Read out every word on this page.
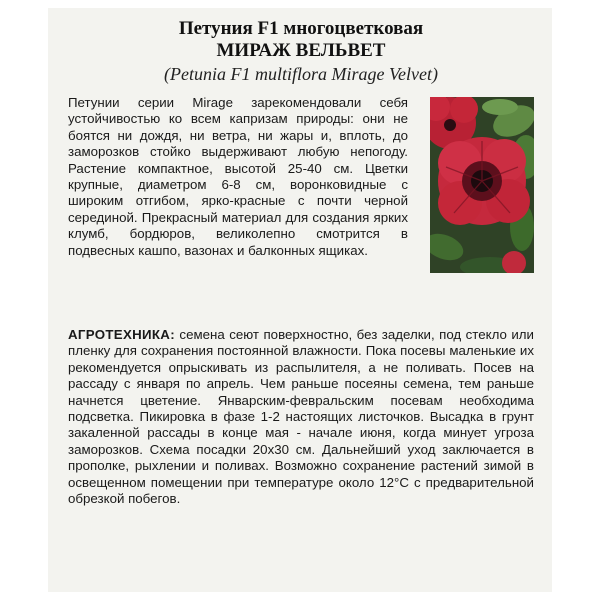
Петуния F1 многоцветковая

МИРАЖ ВЕЛЬВЕТ

(Petunia F1 multiflora Mirage Velvet)

Петунии серии Mirage зарекомендовали себя устойчивостью ко всем капризам природы: они не боятся ни дождя, ни ветра, ни жары и, вплоть, до заморозков стойко выдерживают любую непогоду. Растение компактное, высотой 25-40 см. Цветки крупные, диаметром 6-8 см, воронковидные с широким отгибом, ярко-красные с почти черной серединой. Прекрасный материал для создания ярких клумб, бордюров, великолепно смотрится в подвесных кашпо, вазонах и балконных ящиках.

АГРОТЕХНИКА: семена сеют поверхностно, без заделки, под стекло или пленку для сохранения постоянной влажности. Пока посевы маленькие их рекомендуется опрыскивать из распылителя, а не поливать. Посев на рассаду с января по апрель. Чем раньше посеяны семена, тем раньше начнется цветение. Январским-февральским посевам необходима подсветка. Пикировка в фазе 1-2 настоящих листочков. Высадка в грунт закаленной рассады в конце мая - начале июня, когда минует угроза заморозков. Схема посадки 20х30 см. Дальнейший уход заключается в прополке, рыхлении и поливах. Возможно сохранение растений зимой в освещенном помещении при температуре около 12°С с предварительной обрезкой побегов.
